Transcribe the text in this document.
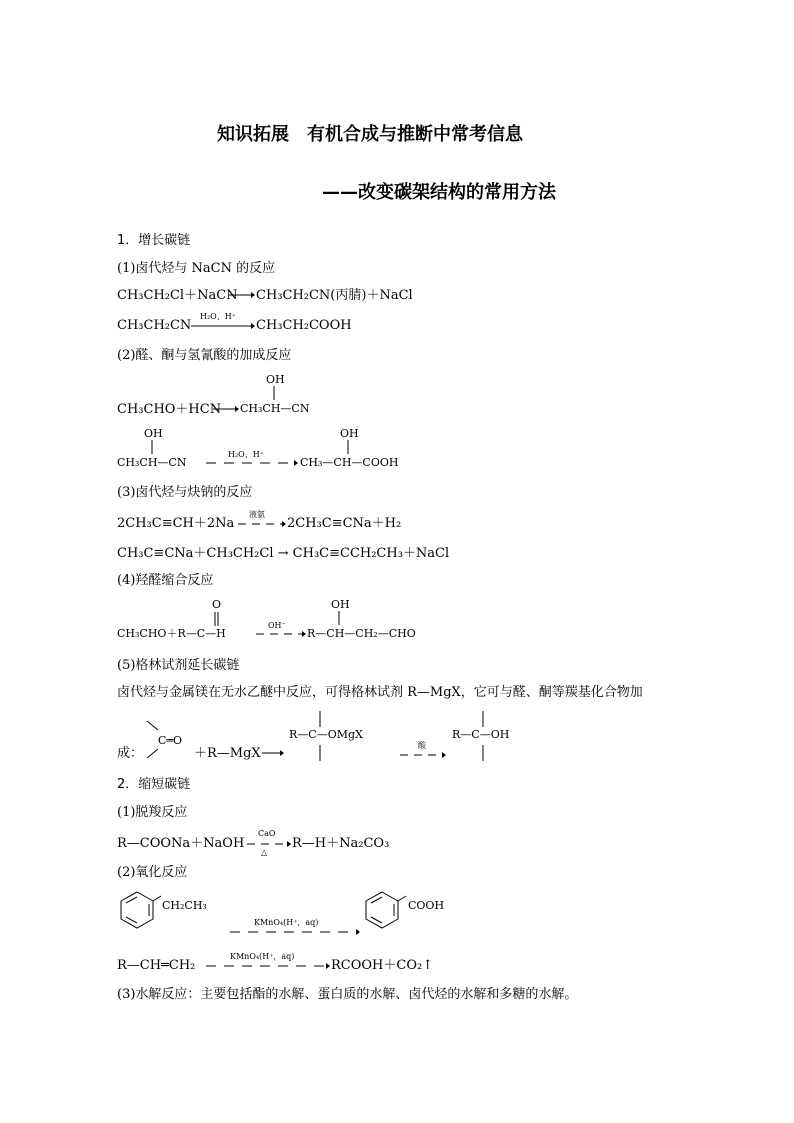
知识拓展　有机合成与推断中常考信息
——改变碳架结构的常用方法
1．增长碳链
(1)卤代烃与 NaCN 的反应
CH₃CH₂Cl＋NaCN → CH₃CH₂CN(丙腈)＋NaCl
CH₃CH₂CN
H₂O、H⁺
→ CH₃CH₂COOH
(2)醛、酮与氢氰酸的加成反应
OH
CH₃CHO＋HCN → CH₃CH—CN
OH
CH₃CH—CN
H₂O、H⁺
OH
CH₃—CH—COOH
(3)卤代烃与炔钠的反应
2CH₃C≡CH＋2Na
液氨
→ 2CH₃C≡CNa＋H₂
CH₃C≡CNa＋CH₃CH₂Cl → CH₃C≡CCH₂CH₃＋NaCl
(4)羟醛缩合反应
O
CH₃CHO＋R—C—H
OH⁻
OH
R—CH—CH₂—CHO
(5)格林试剂延长碳链
卤代烃与金属镁在无水乙醚中反应，可得格林试剂 R—MgX，它可与醛、酮等羰基化合物加
成：
C═O
＋R—MgX →
R—C—OMgX
酸
R—C—OH
2．缩短碳链
(1)脱羧反应
R—COONa＋NaOH
CaO
△
R—H＋Na₂CO₃
(2)氧化反应
CH₂CH₃
KMnO₄(H⁺，aq)
COOH
R—CH═CH₂
KMnO₄(H⁺，aq)
RCOOH＋CO₂↑
(3)水解反应：主要包括酯的水解、蛋白质的水解、卤代烃的水解和多糖的水解。
